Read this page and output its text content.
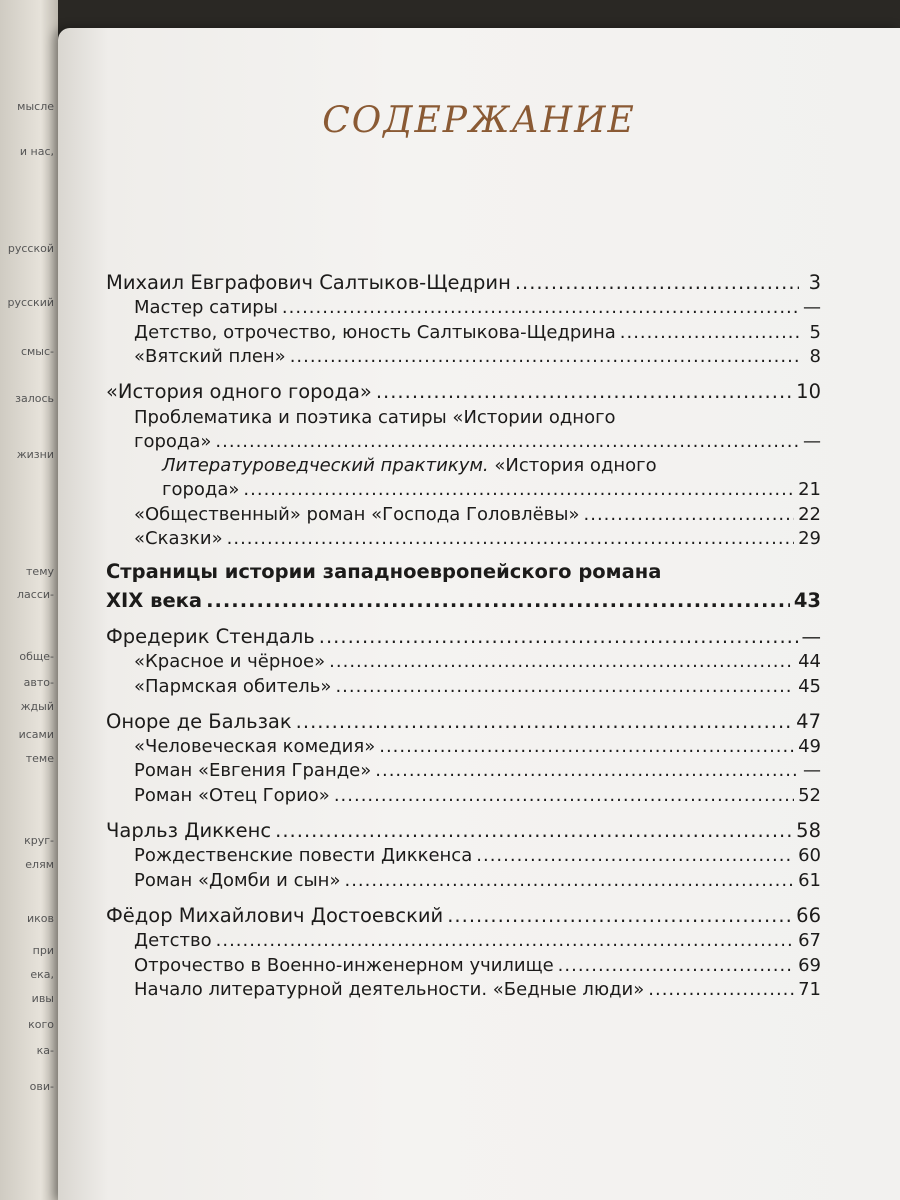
мысле
и нас,
русской
русский
смыс-
залось
жизни
тему
ласси-
обще-
авто-
ждый
исами
теме
круг-
елям
иков
при
ека,
ивы
кого
ка-
ови-
СОДЕРЖАНИЕ
Михаил Евграфович Салтыков-Щедрин .....	3
Мастер сатиры .....	—
Детство, отрочество, юность Салтыкова-Щедрина .....	5
«Вятский плен» .....	8
«История одного города» .....	10
Проблематика и поэтика сатиры «Истории одного
города» .....	—
Литературоведческий практикум. «История одного
города» .....	21
«Общественный» роман «Господа Головлёвы» .....	22
«Сказки» .....	29
Страницы истории западноевропейского романа
XIX века .....	43
Фредерик Стендаль .....	—
«Красное и чёрное» .....	44
«Пармская обитель» .....	45
Оноре де Бальзак .....	47
«Человеческая комедия» .....	49
Роман «Евгения Гранде» .....	—
Роман «Отец Горио» .....	52
Чарльз Диккенс .....	58
Рождественские повести Диккенса .....	60
Роман «Домби и сын» .....	61
Фёдор Михайлович Достоевский .....	66
Детство .....	67
Отрочество в Военно-инженерном училище .....	69
Начало литературной деятельности. «Бедные люди» .....	71
